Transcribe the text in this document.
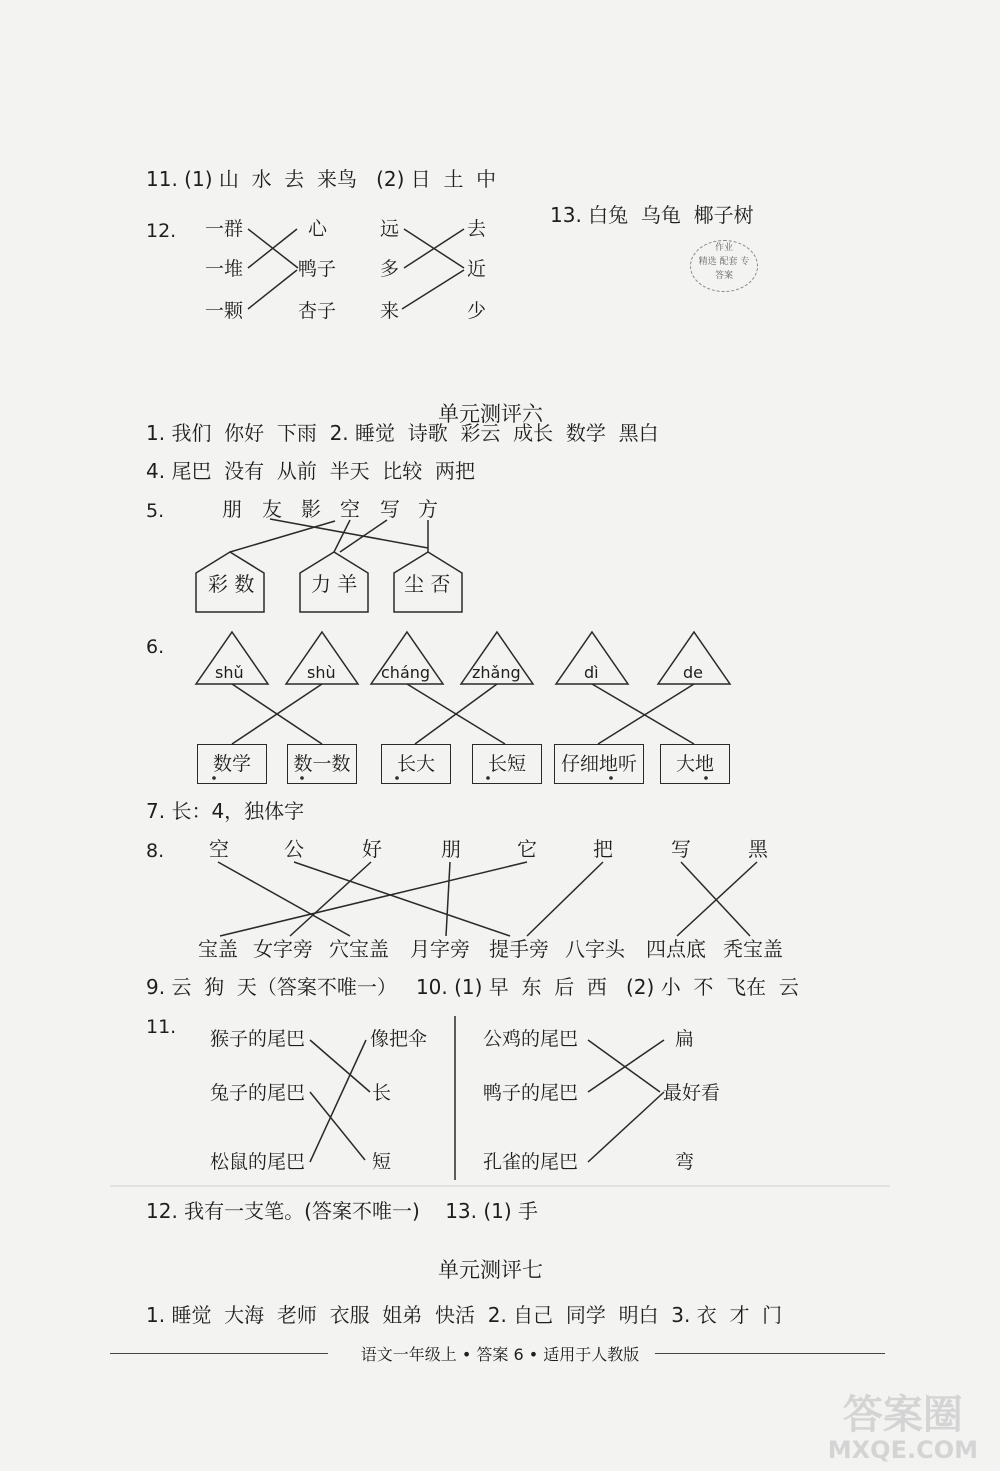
11. (1) 山  水  去  来鸟   (2) 日  土  中
12. 一群
一堆
一颗
心
鸭子
杏子
远
多
来
去
近
少
13. 白兔  乌龟  椰子树
作业
精选 配套 专
答案
单元测评六
1. 我们  你好  下雨  2. 睡觉  诗歌  彩云  成长  数学  黑白
4. 尾巴  没有  从前  半天  比较  两把
5.	朋 友 影 空 写 方
彩 数	力 羊 尘 否
6.
shǔ	shù	cháng	zhǎng	dì	de
数学	数一数	长大	长短	仔细地听	大地
7. 长：4，独体字
8. 空	公	好	朋	它	把	写	黑
宝盖 女字旁 穴宝盖 月字旁 提手旁 八字头 四点底 秃宝盖
9. 云  狗  天（答案不唯一）   10. (1) 早  东  后  西   (2) 小  不  飞在  云
11.
猴子的尾巴
兔子的尾巴
松鼠的尾巴
像把伞
长
短
公鸡的尾巴
鸭子的尾巴
孔雀的尾巴
扁
最好看
弯
12. 我有一支笔。(答案不唯一)    13. (1) 手
单元测评七
1. 睡觉  大海  老师  衣服  姐弟  快活  2. 自己  同学  明白  3. 衣  才  门
语文一年级上 • 答案 6 • 适用于人教版
答案圈
MXQE.COM
